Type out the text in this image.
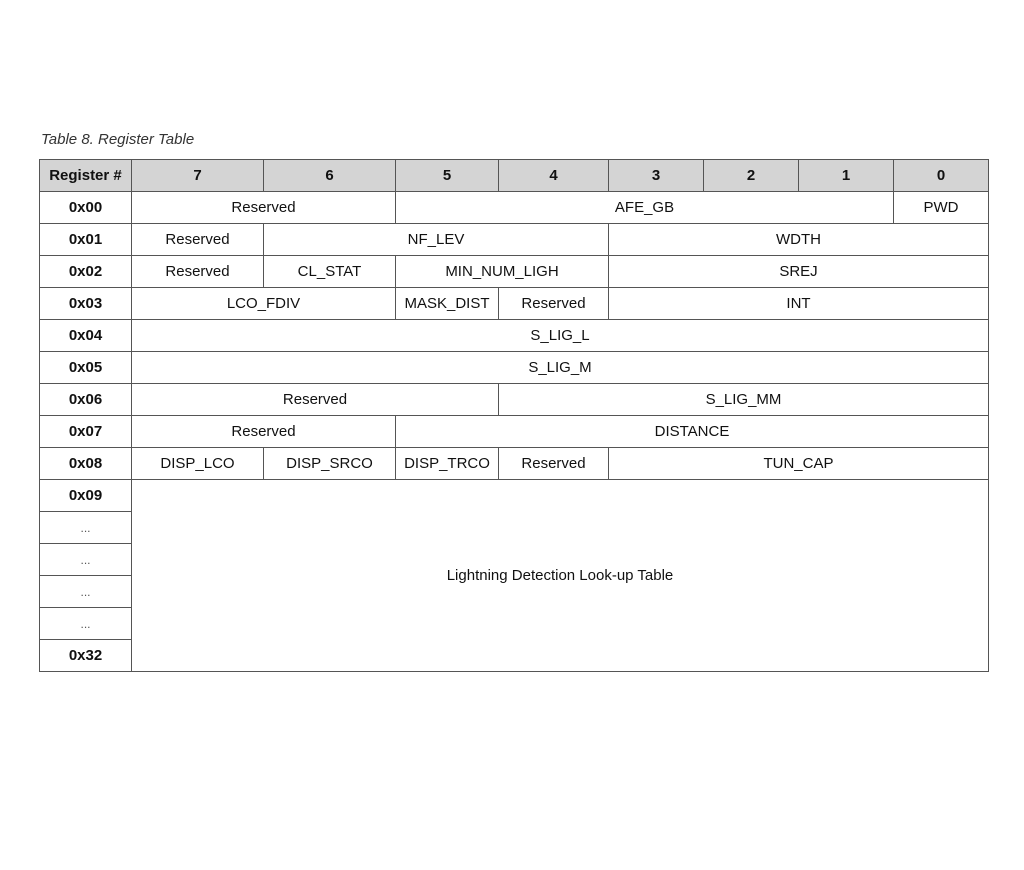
Table 8. Register Table
Register #	7	6	5	4	3	2	1	0
0x00	Reserved		AFE_GB					PWD
0x01	Reserved	NF_LEV			WDTH			
0x02	Reserved	CL_STAT	MIN_NUM_LIGH		SREJ			
0x03	LCO_FDIV		MASK_DIST	Reserved	INT			
0x04	S_LIG_L							
0x05	S_LIG_M							
0x06	Reserved			S_LIG_MM				
0x07	Reserved		DISTANCE					
0x08	DISP_LCO	DISP_SRCO	DISP_TRCO	Reserved	TUN_CAP			
0x09	Lightning Detection Look-up Table							
...								
...								
...								
...								
0x32								
